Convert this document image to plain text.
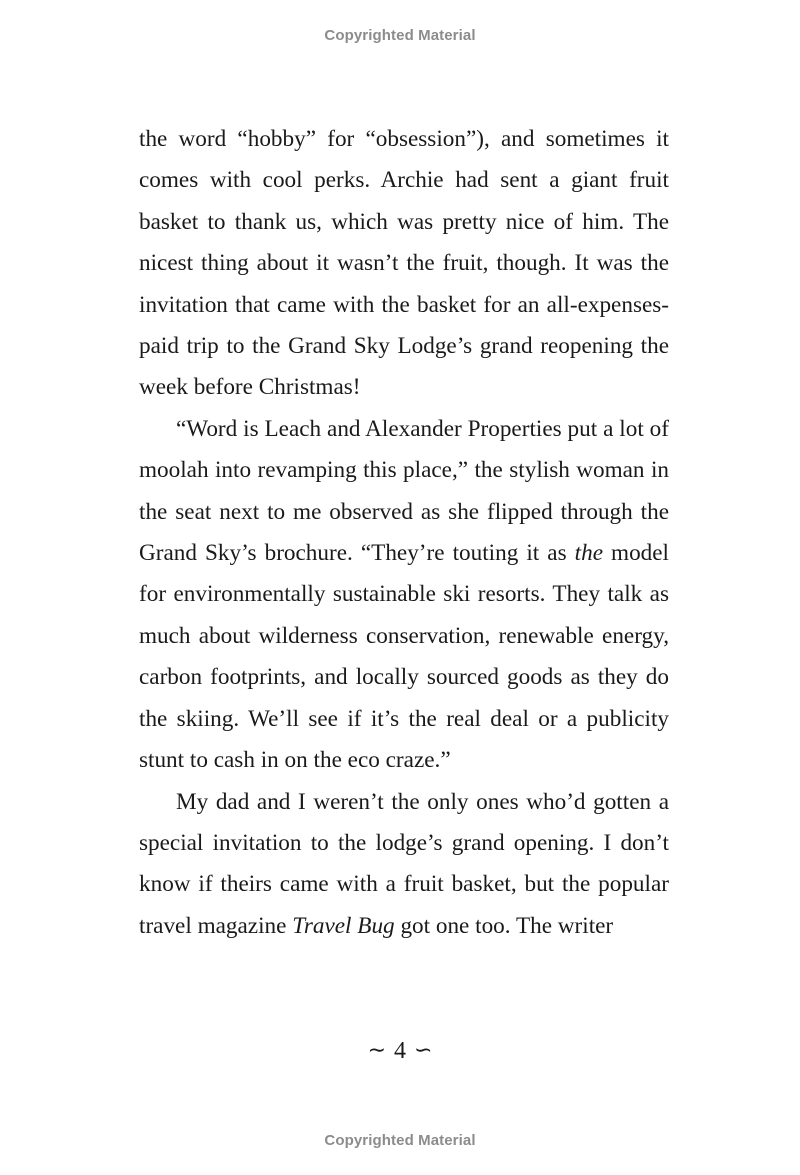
Copyrighted Material

the word “hobby” for “obsession”), and sometimes it comes with cool perks. Archie had sent a giant fruit basket to thank us, which was pretty nice of him. The nicest thing about it wasn’t the fruit, though. It was the invitation that came with the basket for an all-expenses-paid trip to the Grand Sky Lodge’s grand reopening the week before Christmas!

“Word is Leach and Alexander Properties put a lot of moolah into revamping this place,” the stylish woman in the seat next to me observed as she flipped through the Grand Sky’s brochure. “They’re touting it as the model for environmentally sustainable ski resorts. They talk as much about wilderness conservation, renewable energy, carbon footprints, and locally sourced goods as they do the skiing. We’ll see if it’s the real deal or a publicity stunt to cash in on the eco craze.”

My dad and I weren’t the only ones who’d gotten a special invitation to the lodge’s grand opening. I don’t know if theirs came with a fruit basket, but the popular travel magazine Travel Bug got one too. The writer

∼ 4 ∽
Copyrighted Material
